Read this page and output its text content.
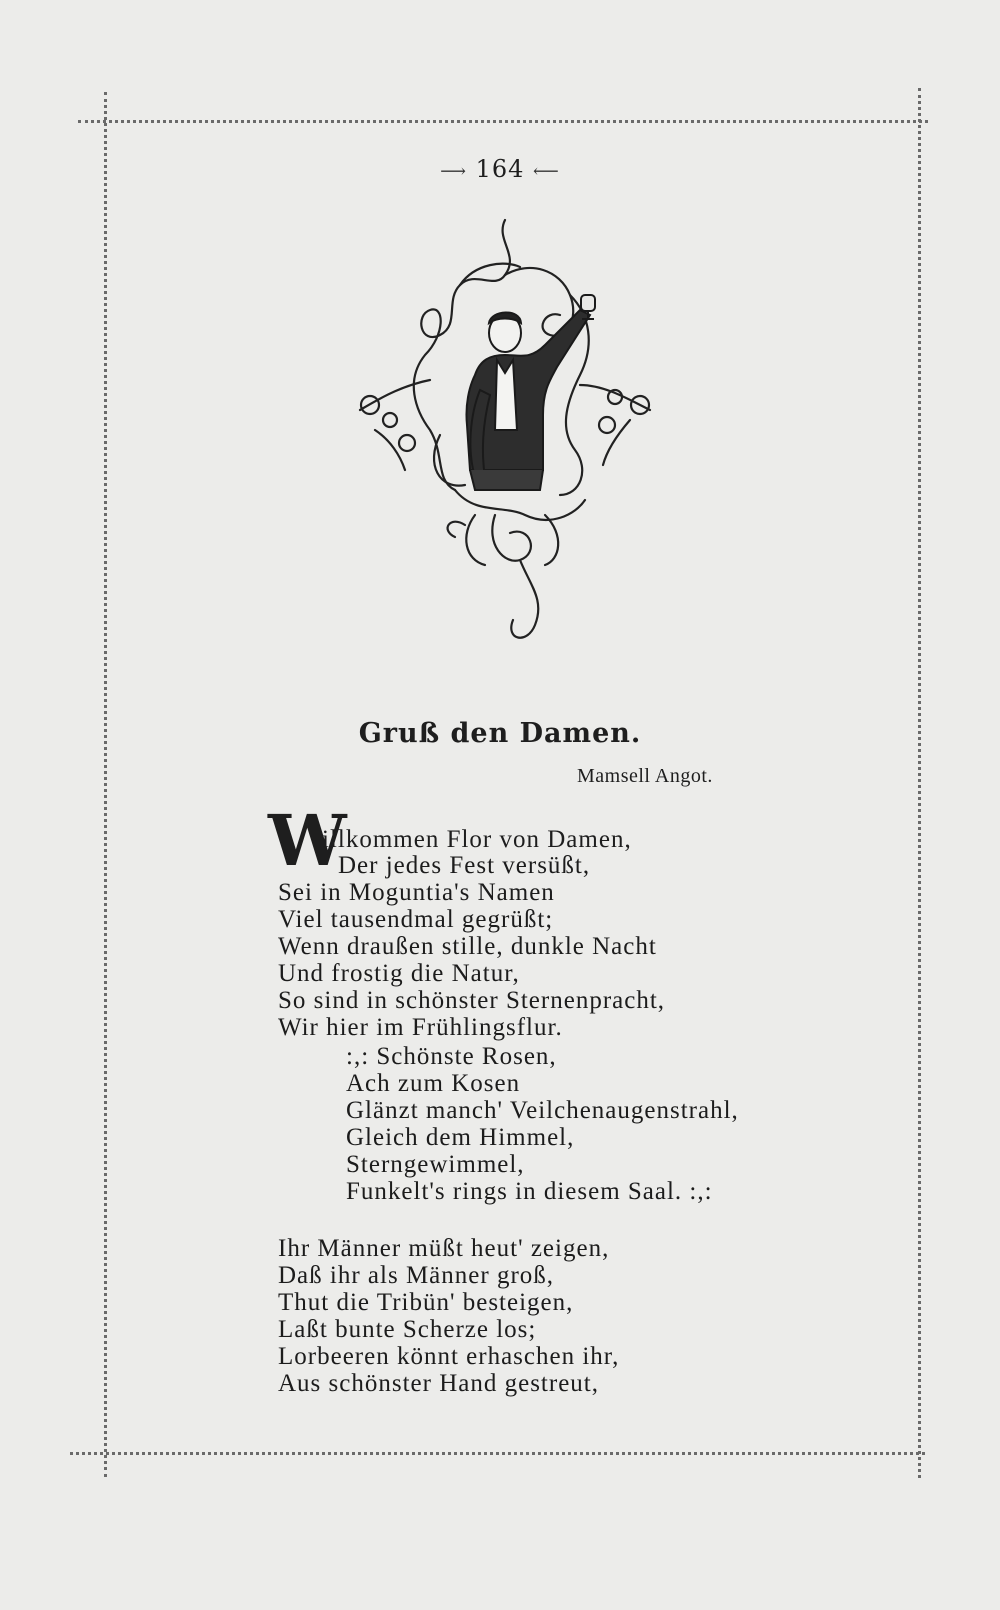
⟶ 164 ⟵
Gruß den Damen.
Mamsell Angot.
W
illkommen Flor von Damen,
Der jedes Fest versüßt,
Sei in Moguntia's Namen
Viel tausendmal gegrüßt;
Wenn draußen stille, dunkle Nacht
Und frostig die Natur,
So sind in schönster Sternenpracht,
Wir hier im Frühlingsflur.
:,: Schönste Rosen,
Ach zum Kosen
Glänzt manch' Veilchenaugenstrahl,
Gleich dem Himmel,
Sterngewimmel,
Funkelt's rings in diesem Saal. :,:
Ihr Männer müßt heut' zeigen,
Daß ihr als Männer groß,
Thut die Tribün' besteigen,
Laßt bunte Scherze los;
Lorbeeren könnt erhaschen ihr,
Aus schönster Hand gestreut,
